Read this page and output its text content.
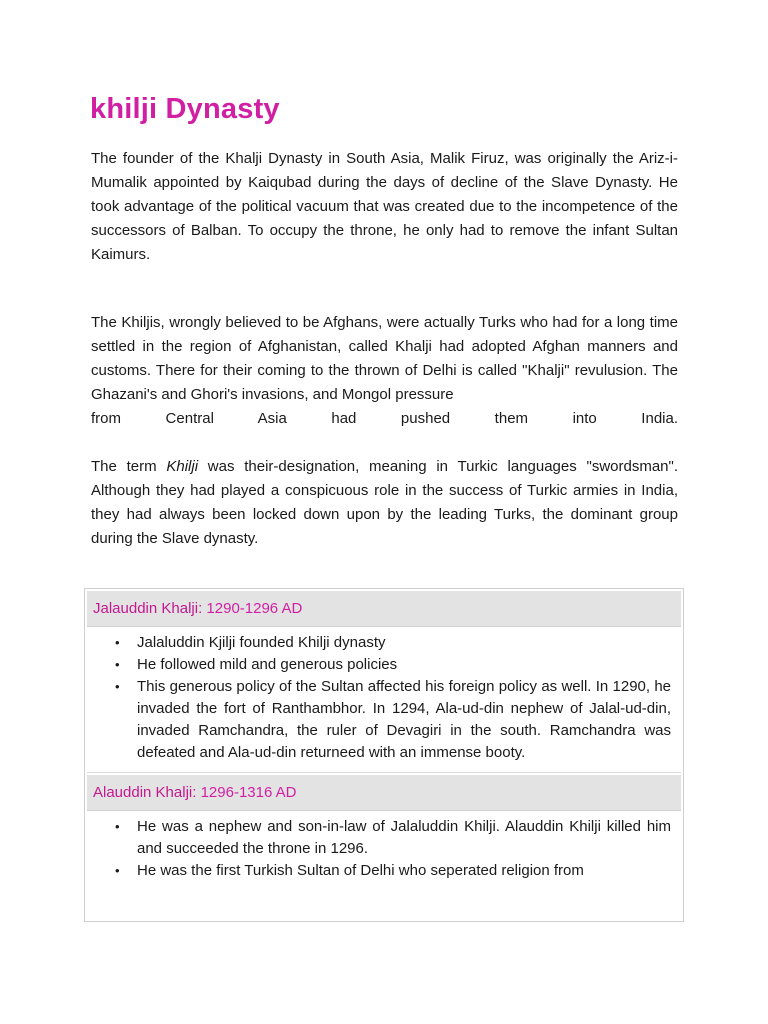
khilji Dynasty

The founder of the Khalji Dynasty in South Asia, Malik Firuz, was originally the Ariz-i-Mumalik appointed by Kaiqubad during the days of decline of the Slave Dynasty. He took advantage of the political vacuum that was created due to the incompetence of the successors of Balban. To occupy the throne, he only had to remove the infant Sultan Kaimurs.

The Khiljis, wrongly believed to be Afghans, were actually Turks who had for a long time settled in the region of Afghanistan, called Khalji had adopted Afghan manners and customs. There for their coming to the thrown of Delhi is called "Khalji" revulusion. The Ghazani's and Ghori's invasions, and Mongol pressure
from Central Asia had pushed them into India.

The term Khilji was their-designation, meaning in Turkic languages "swordsman". Although they had played a conspicuous role in the success of Turkic armies in India, they had always been locked down upon by the leading Turks, the dominant group during the Slave dynasty.

Jalauddin Khalji: 1290-1296 AD
• Jalaluddin Kjilji founded Khilji dynasty
• He followed mild and generous policies
• This generous policy of the Sultan affected his foreign policy as well. In 1290, he invaded the fort of Ranthambhor. In 1294, Ala-ud-din nephew of Jalal-ud-din, invaded Ramchandra, the ruler of Devagiri in the south. Ramchandra was defeated and Ala-ud-din returneed with an immense booty.
Alauddin Khalji: 1296-1316 AD
• He was a nephew and son-in-law of Jalaluddin Khilji. Alauddin Khilji killed him and succeeded the throne in 1296.
• He was the first Turkish Sultan of Delhi who seperated religion from
